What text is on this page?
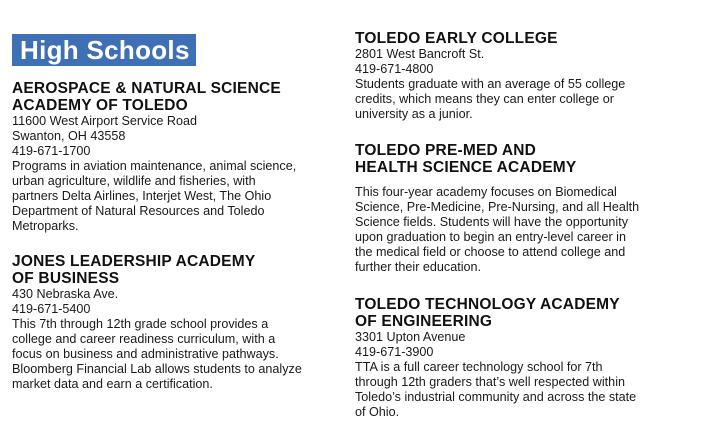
High Schools

AEROSPACE & NATURAL SCIENCE

ACADEMY OF TOLEDO

11600 West Airport Service Road

Swanton, OH 43558

419-671-1700

Programs in aviation maintenance, animal science,

urban agriculture, wildlife and fisheries, with

partners Delta Airlines, Interjet West, The Ohio

Department of Natural Resources and Toledo

Metroparks.

JONES LEADERSHIP ACADEMY

OF BUSINESS

430 Nebraska Ave.

419-671-5400

This 7th through 12th grade school provides a

college and career readiness curriculum, with a

focus on business and administrative pathways.

Bloomberg Financial Lab allows students to analyze

market data and earn a certification.

TOLEDO EARLY COLLEGE

2801 West Bancroft St.

419-671-4800

Students graduate with an average of 55 college

credits, which means they can enter college or

university as a junior.

TOLEDO PRE-MED AND

HEALTH SCIENCE ACADEMY

This four-year academy focuses on Biomedical

Science, Pre-Medicine, Pre-Nursing, and all Health

Science fields. Students will have the opportunity

upon graduation to begin an entry-level career in

the medical field or choose to attend college and

further their education.

TOLEDO TECHNOLOGY ACADEMY

OF ENGINEERING

3301 Upton Avenue

419-671-3900

TTA is a full career technology school for 7th

through 12th graders that’s well respected within

Toledo’s industrial community and across the state

of Ohio.
